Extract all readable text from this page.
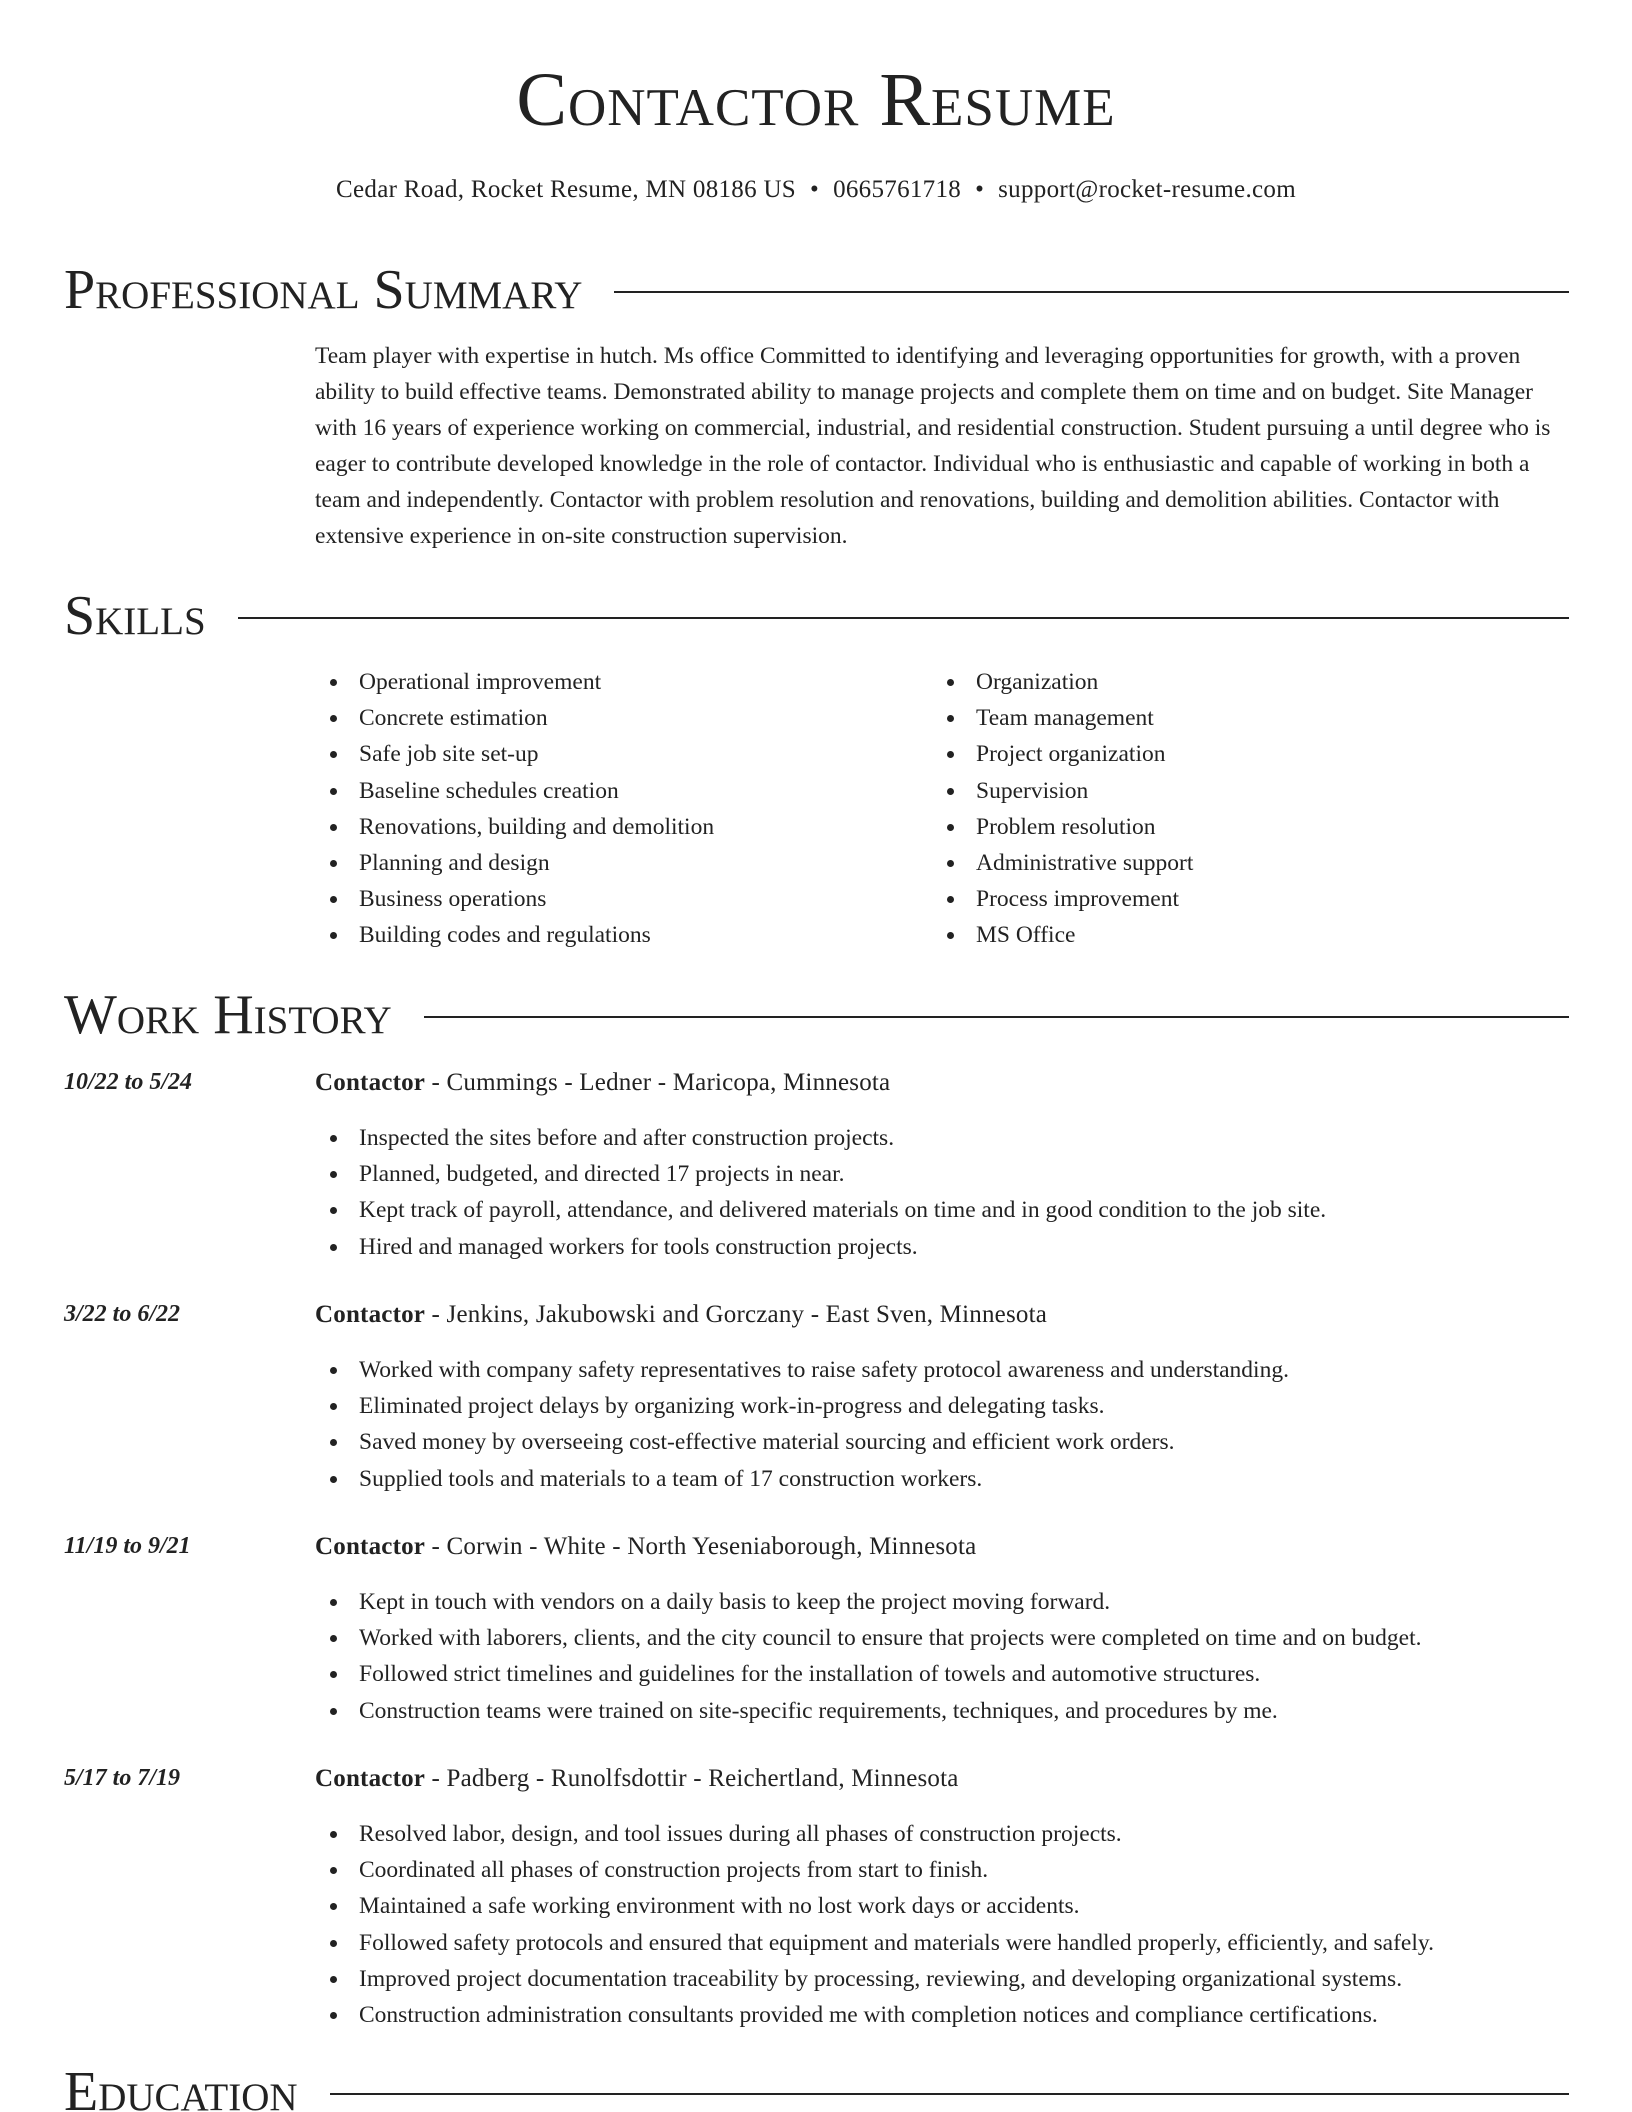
Contactor Resume
Cedar Road, Rocket Resume, MN 08186 US • 0665761718 • support@rocket-resume.com
Professional Summary

Team player with expertise in hutch. Ms office Committed to identifying and leveraging opportunities for growth, with a proven ability to build effective teams. Demonstrated ability to manage projects and complete them on time and on budget. Site Manager with 16 years of experience working on commercial, industrial, and residential construction. Student pursuing a until degree who is eager to contribute developed knowledge in the role of contactor. Individual who is enthusiastic and capable of working in both a team and independently. Contactor with problem resolution and renovations, building and demolition abilities. Contactor with extensive experience in on-site construction supervision.

Skills
Operational improvement
Concrete estimation
Safe job site set-up
Baseline schedules creation
Renovations, building and demolition
Planning and design
Business operations
Building codes and regulations
Organization
Team management
Project organization
Supervision
Problem resolution
Administrative support
Process improvement
MS Office
Work History
10/22 to 5/24	Contactor - Cummings - Ledner - Maricopa, Minnesota
Inspected the sites before and after construction projects.
Planned, budgeted, and directed 17 projects in near.
Kept track of payroll, attendance, and delivered materials on time and in good condition to the job site.
Hired and managed workers for tools construction projects.
3/22 to 6/22	Contactor - Jenkins, Jakubowski and Gorczany - East Sven, Minnesota
Worked with company safety representatives to raise safety protocol awareness and understanding.
Eliminated project delays by organizing work-in-progress and delegating tasks.
Saved money by overseeing cost-effective material sourcing and efficient work orders.
Supplied tools and materials to a team of 17 construction workers.
11/19 to 9/21	Contactor - Corwin - White - North Yeseniaborough, Minnesota
Kept in touch with vendors on a daily basis to keep the project moving forward.
Worked with laborers, clients, and the city council to ensure that projects were completed on time and on budget.
Followed strict timelines and guidelines for the installation of towels and automotive structures.
Construction teams were trained on site-specific requirements, techniques, and procedures by me.
5/17 to 7/19	Contactor - Padberg - Runolfsdottir - Reichertland, Minnesota
Resolved labor, design, and tool issues during all phases of construction projects.
Coordinated all phases of construction projects from start to finish.
Maintained a safe working environment with no lost work days or accidents.
Followed safety protocols and ensured that equipment and materials were handled properly, efficiently, and safely.
Improved project documentation traceability by processing, reviewing, and developing organizational systems.
Construction administration consultants provided me with completion notices and compliance certifications.
Education
